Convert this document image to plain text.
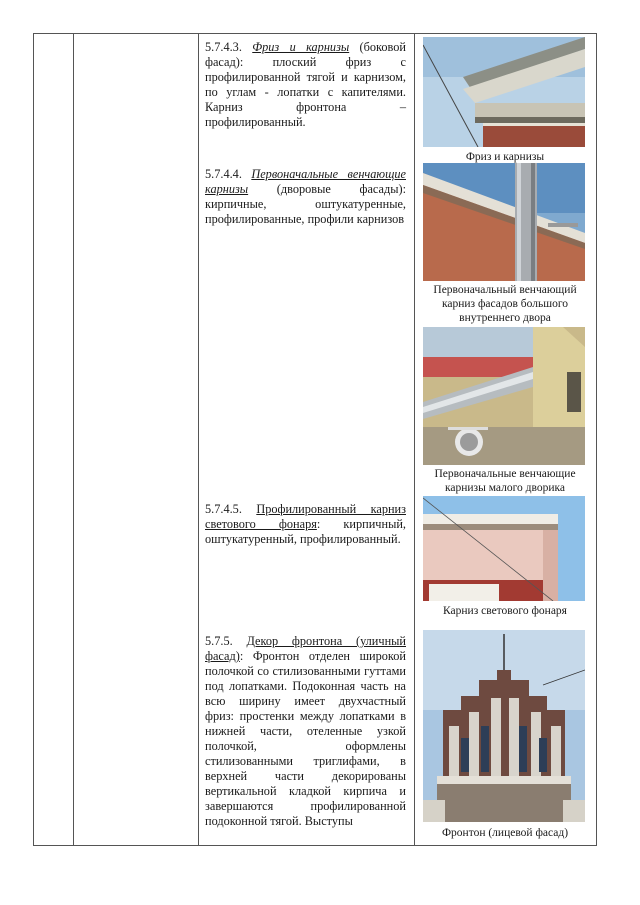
5.7.4.3. Фриз и карнизы (боковой фасад): плоский фриз с профилированной тягой и карнизом, по углам - лопатки с капителями. Карниз фронтона – профилированный.

5.7.4.4. Первоначальные венчающие карнизы (дворовые фасады): кирпичные, оштукатуренные, профилированные, профили карнизов

5.7.4.5. Профилированный карниз светового фонаря: кирпичный, оштукатуренный, профилированный.

5.7.5. Декор фронтона (уличный фасад): Фронтон отделен широкой полочкой со стилизованными гуттами под лопатками. Подоконная часть на всю ширину имеет двухчастный фриз: простенки между лопатками в нижней части, отеленные узкой полочкой, оформлены стилизованными триглифами, в верхней части декорированы вертикальной кладкой кирпича и завершаются профилированной подоконной тягой. Выступы

Фриз и карнизы

Первоначальный венчающий карниз фасадов большого внутреннего двора

Первоначальные венчающие карнизы малого дворика

Карниз светового фонаря

Фронтон (лицевой фасад)
